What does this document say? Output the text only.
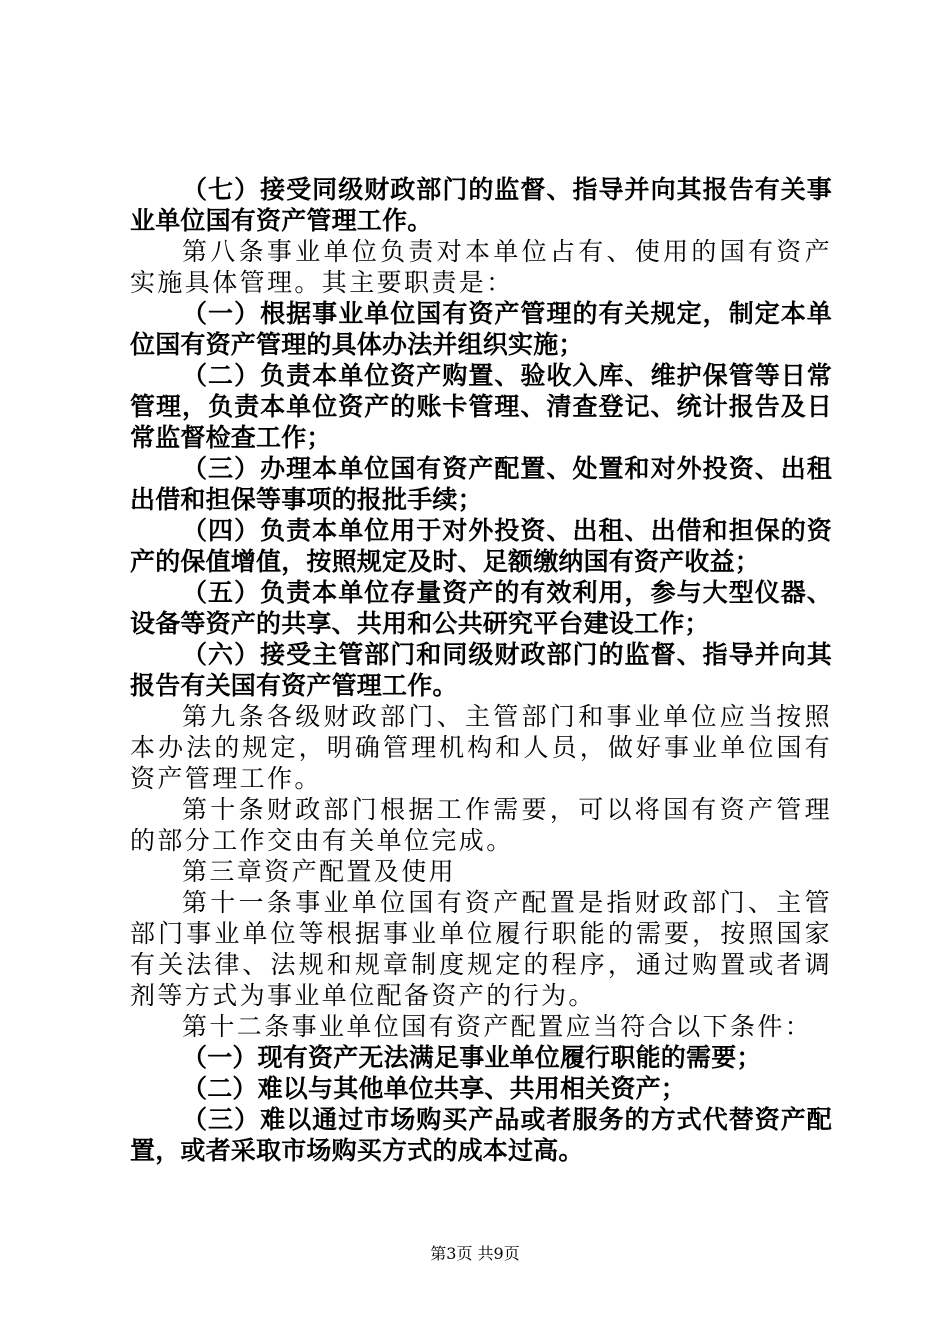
（七）接受同级财政部门的监督、指导并向其报告有关事业单位国有资产管理工作。

第八条事业单位负责对本单位占有、使用的国有资产实施具体管理。其主要职责是：

（一）根据事业单位国有资产管理的有关规定，制定本单位国有资产管理的具体办法并组织实施；

（二）负责本单位资产购置、验收入库、维护保管等日常管理，负责本单位资产的账卡管理、清查登记、统计报告及日常监督检查工作；

（三）办理本单位国有资产配置、处置和对外投资、出租出借和担保等事项的报批手续；

（四）负责本单位用于对外投资、出租、出借和担保的资产的保值增值，按照规定及时、足额缴纳国有资产收益；

（五）负责本单位存量资产的有效利用，参与大型仪器、设备等资产的共享、共用和公共研究平台建设工作；

（六）接受主管部门和同级财政部门的监督、指导并向其报告有关国有资产管理工作。

第九条各级财政部门、主管部门和事业单位应当按照本办法的规定，明确管理机构和人员，做好事业单位国有资产管理工作。

第十条财政部门根据工作需要，可以将国有资产管理的部分工作交由有关单位完成。

第三章资产配置及使用

第十一条事业单位国有资产配置是指财政部门、主管部门事业单位等根据事业单位履行职能的需要，按照国家有关法律、法规和规章制度规定的程序，通过购置或者调剂等方式为事业单位配备资产的行为。

第十二条事业单位国有资产配置应当符合以下条件：

（一）现有资产无法满足事业单位履行职能的需要；

（二）难以与其他单位共享、共用相关资产；

（三）难以通过市场购买产品或者服务的方式代替资产配置，或者采取市场购买方式的成本过高。

第3页 共9页
